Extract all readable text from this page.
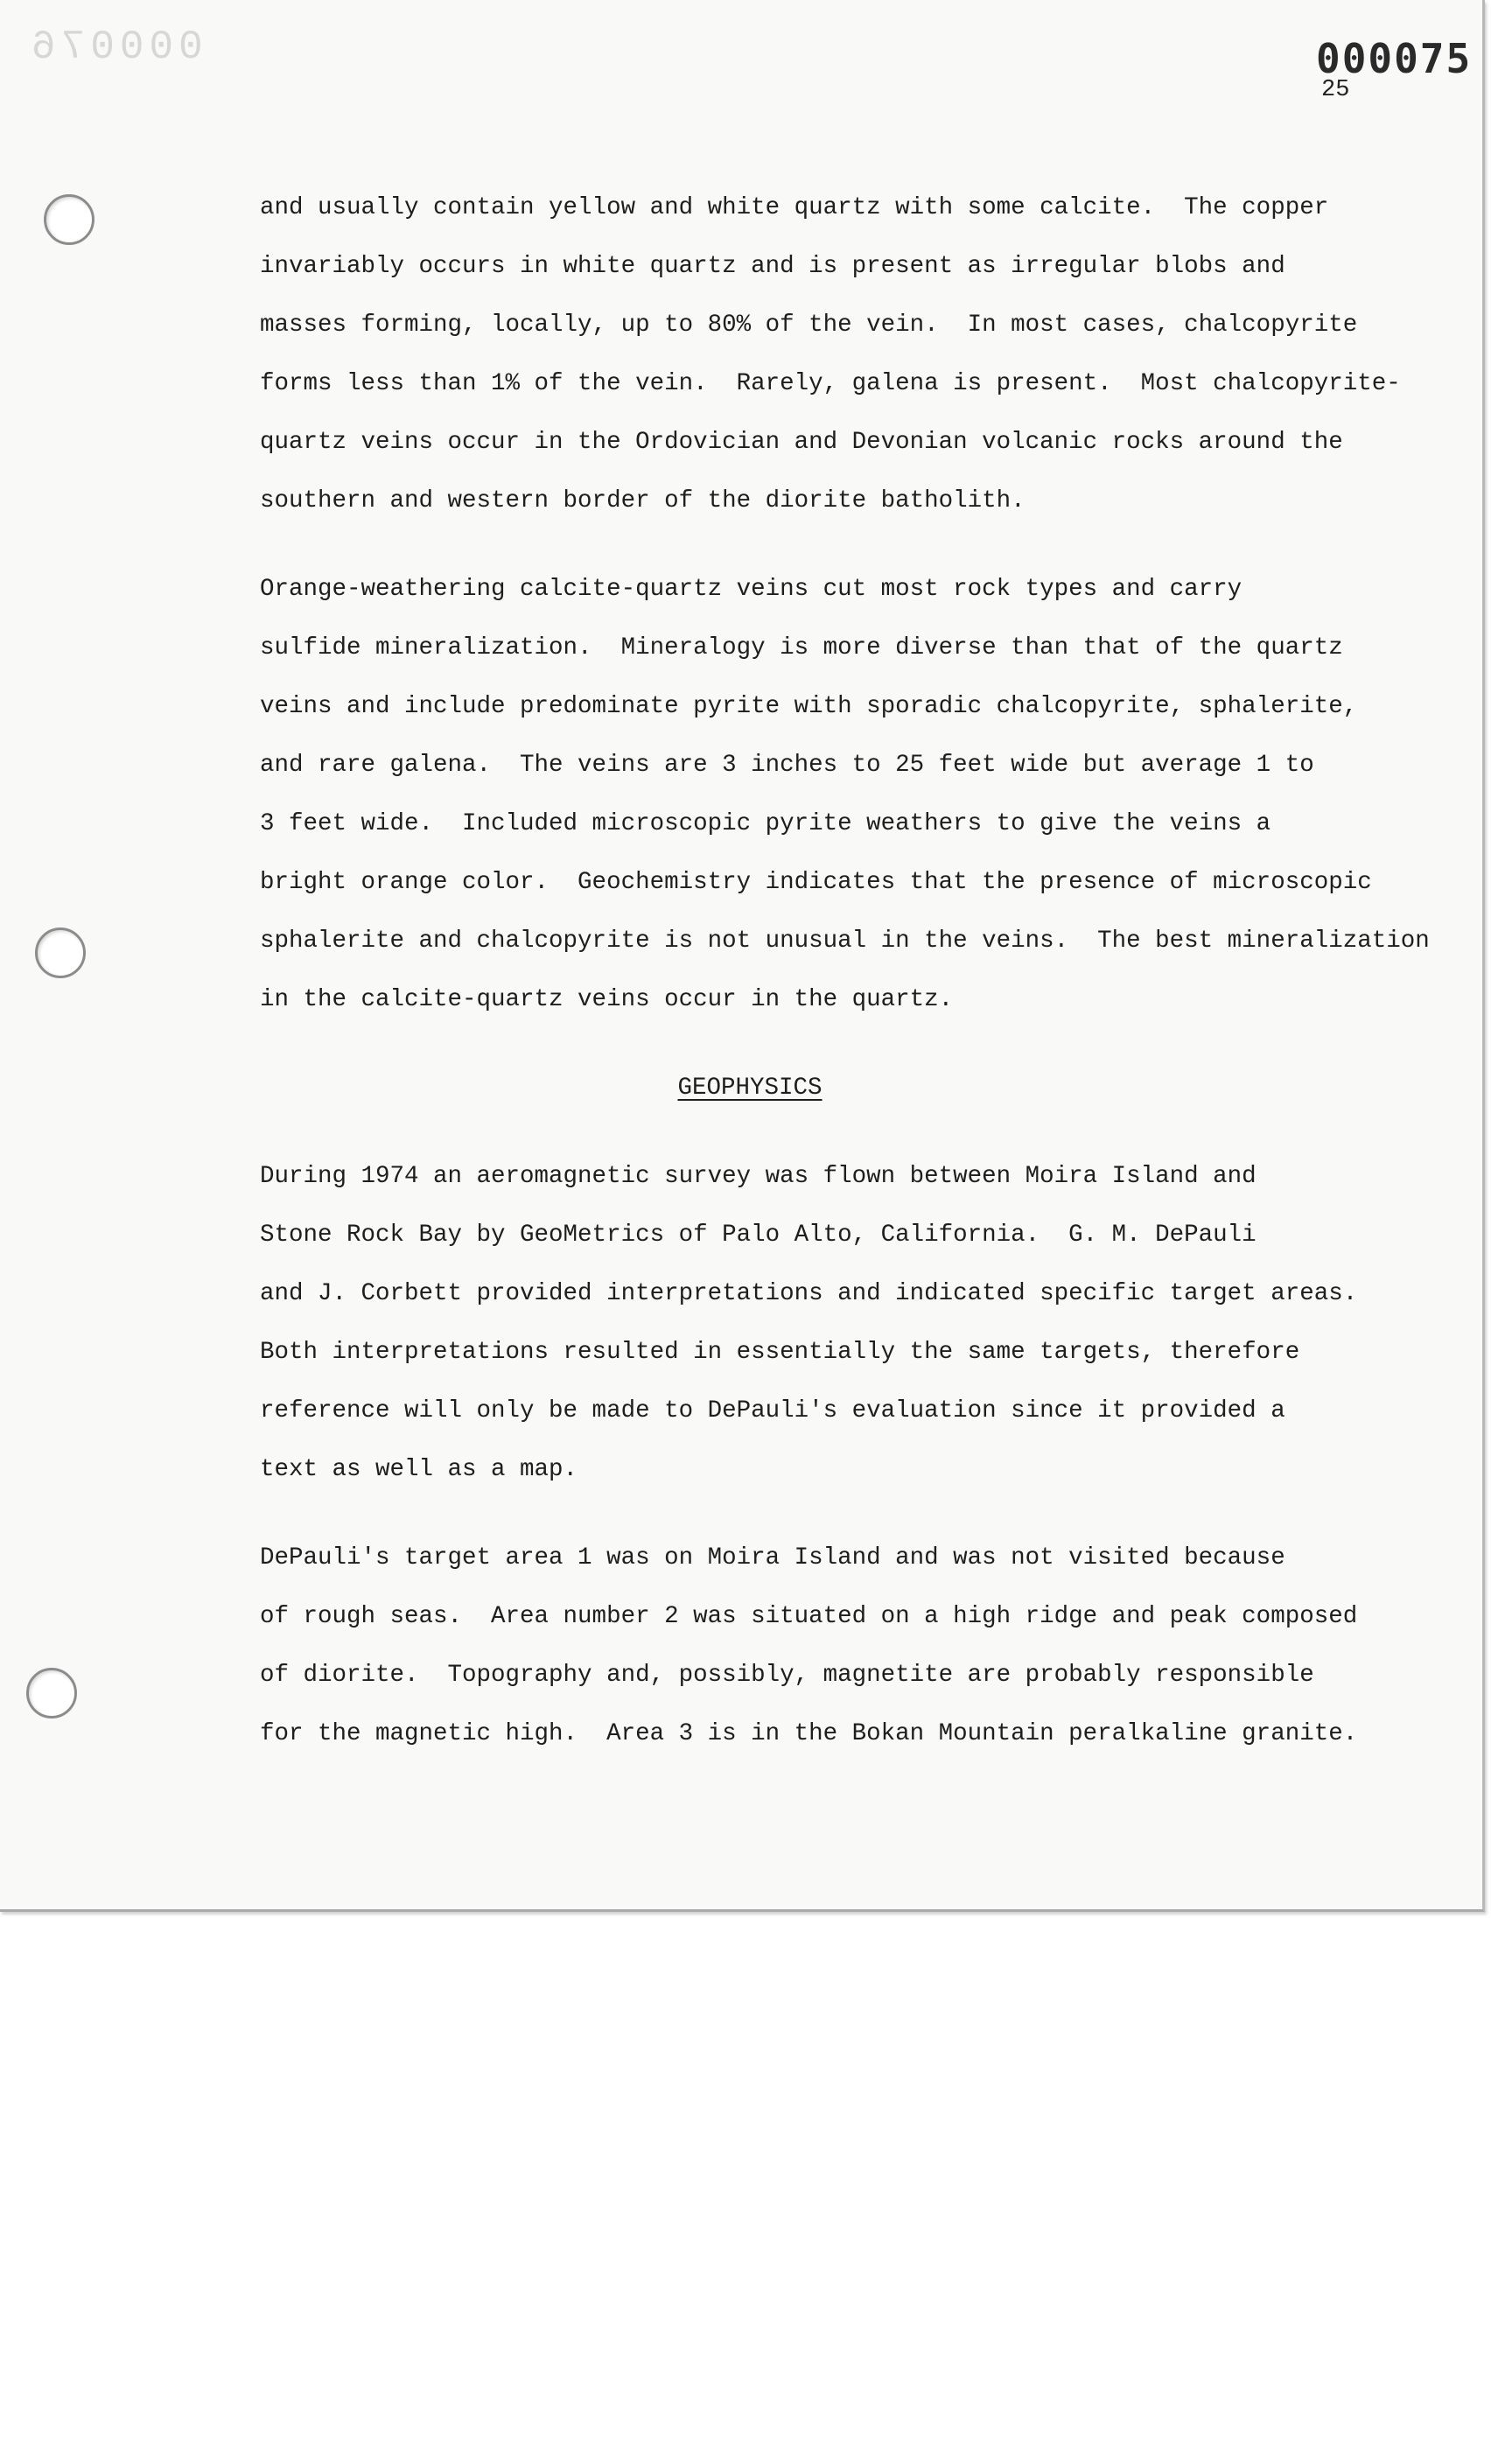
000076	000075
25
and usually contain yellow and white quartz with some calcite.  The copper
invariably occurs in white quartz and is present as irregular blobs and
masses forming, locally, up to 80% of the vein.  In most cases, chalcopyrite
forms less than 1% of the vein.  Rarely, galena is present.  Most chalcopyrite-
quartz veins occur in the Ordovician and Devonian volcanic rocks around the
southern and western border of the diorite batholith.
Orange-weathering calcite-quartz veins cut most rock types and carry
sulfide mineralization.  Mineralogy is more diverse than that of the quartz
veins and include predominate pyrite with sporadic chalcopyrite, sphalerite,
and rare galena.  The veins are 3 inches to 25 feet wide but average 1 to
3 feet wide.  Included microscopic pyrite weathers to give the veins a
bright orange color.  Geochemistry indicates that the presence of microscopic
sphalerite and chalcopyrite is not unusual in the veins.  The best mineralization
in the calcite-quartz veins occur in the quartz.
GEOPHYSICS
During 1974 an aeromagnetic survey was flown between Moira Island and
Stone Rock Bay by GeoMetrics of Palo Alto, California.  G. M. DePauli
and J. Corbett provided interpretations and indicated specific target areas.
Both interpretations resulted in essentially the same targets, therefore
reference will only be made to DePauli's evaluation since it provided a
text as well as a map.
DePauli's target area 1 was on Moira Island and was not visited because
of rough seas.  Area number 2 was situated on a high ridge and peak composed
of diorite.  Topography and, possibly, magnetite are probably responsible
for the magnetic high.  Area 3 is in the Bokan Mountain peralkaline granite.
